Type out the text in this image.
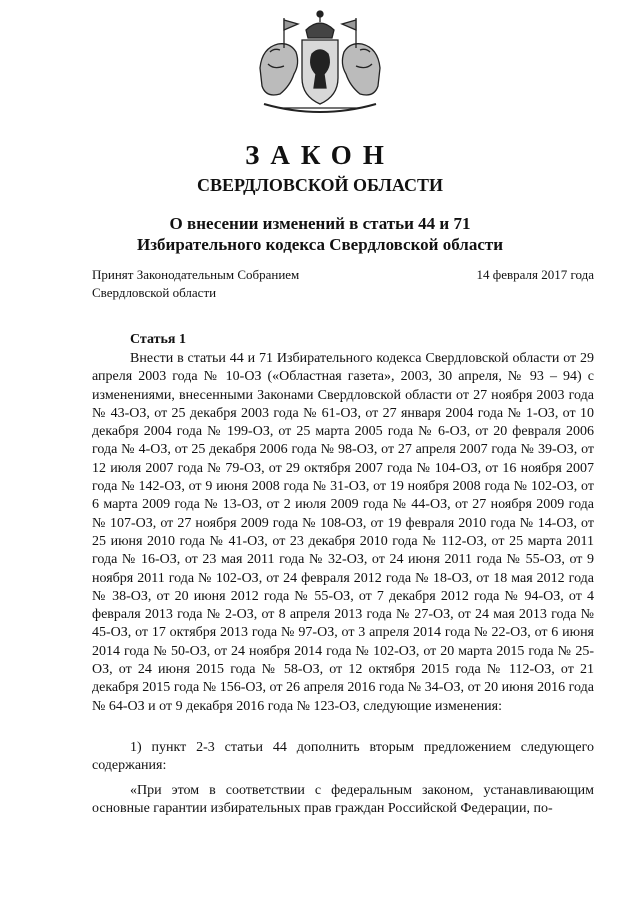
ЗАКОН
СВЕРДЛОВСКОЙ ОБЛАСТИ
О внесении изменений в статьи 44 и 71
Избирательного кодекса Свердловской области
Принят Законодательным Собранием
Свердловской области
14 февраля 2017 года
Статья 1

Внести в статьи 44 и 71 Избирательного кодекса Свердловской области от 29 апреля 2003 года № 10-ОЗ («Областная газета», 2003, 30 апреля, № 93 – 94) с изменениями, внесенными Законами Свердловской области от 27 ноября 2003 года № 43-ОЗ, от 25 декабря 2003 года № 61-ОЗ, от 27 января 2004 года № 1-ОЗ, от 10 декабря 2004 года № 199-ОЗ, от 25 марта 2005 года № 6-ОЗ, от 20 февраля 2006 года № 4-ОЗ, от 25 декабря 2006 года № 98-ОЗ, от 27 апреля 2007 года № 39-ОЗ, от 12 июля 2007 года № 79-ОЗ, от 29 октября 2007 года № 104-ОЗ, от 16 ноября 2007 года № 142-ОЗ, от 9 июня 2008 года № 31-ОЗ, от 19 ноября 2008 года № 102-ОЗ, от 6 марта 2009 года № 13-ОЗ, от 2 июля 2009 года № 44-ОЗ, от 27 ноября 2009 года № 107-ОЗ, от 27 ноября 2009 года № 108-ОЗ, от 19 февраля 2010 года № 14-ОЗ, от 25 июня 2010 года № 41-ОЗ, от 23 декабря 2010 года № 112-ОЗ, от 25 марта 2011 года № 16-ОЗ, от 23 мая 2011 года № 32-ОЗ, от 24 июня 2011 года № 55-ОЗ, от 9 ноября 2011 года № 102-ОЗ, от 24 февраля 2012 года № 18-ОЗ, от 18 мая 2012 года № 38-ОЗ, от 20 июня 2012 года № 55-ОЗ, от 7 декабря 2012 года № 94-ОЗ, от 4 февраля 2013 года № 2-ОЗ, от 8 апреля 2013 года № 27-ОЗ, от 24 мая 2013 года № 45-ОЗ, от 17 октября 2013 года № 97-ОЗ, от 3 апреля 2014 года № 22-ОЗ, от 6 июня 2014 года № 50-ОЗ, от 24 ноября 2014 года № 102-ОЗ, от 20 марта 2015 года № 25-ОЗ, от 24 июня 2015 года № 58-ОЗ, от 12 октября 2015 года № 112-ОЗ, от 21 декабря 2015 года № 156-ОЗ, от 26 апреля 2016 года № 34-ОЗ, от 20 июня 2016 года № 64-ОЗ и от 9 декабря 2016 года № 123-ОЗ, следующие изменения:

1) пункт 2-3 статьи 44 дополнить вторым предложением следующего содержания:

«При этом в соответствии с федеральным законом, устанавливающим основные гарантии избирательных прав граждан Российской Федерации, по-
